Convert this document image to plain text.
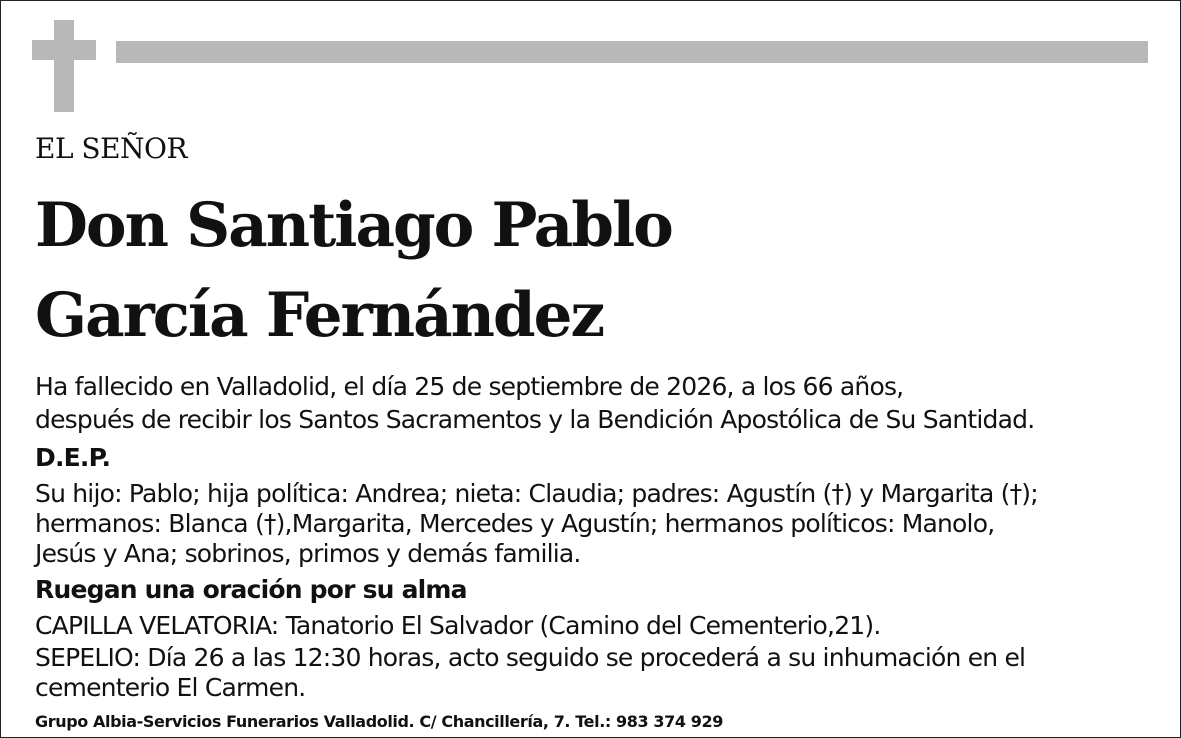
EL SEÑOR
Don Santiago Pablo
García Fernández
Ha fallecido en Valladolid, el día 25 de septiembre de 2026, a los 66 años,
después de recibir los Santos Sacramentos y la Bendición Apostólica de Su Santidad.
D.E.P.
Su hijo: Pablo; hija política: Andrea; nieta: Claudia; padres: Agustín (†) y Margarita (†);
hermanos: Blanca (†),Margarita, Mercedes y Agustín; hermanos políticos: Manolo,
Jesús y Ana; sobrinos, primos y demás familia.
Ruegan una oración por su alma
CAPILLA VELATORIA: Tanatorio El Salvador (Camino del Cementerio,21).
SEPELIO: Día 26 a las 12:30 horas, acto seguido se procederá a su inhumación en el
cementerio El Carmen.
Grupo Albia-Servicios Funerarios Valladolid. C/ Chancillería, 7. Tel.: 983 374 929
